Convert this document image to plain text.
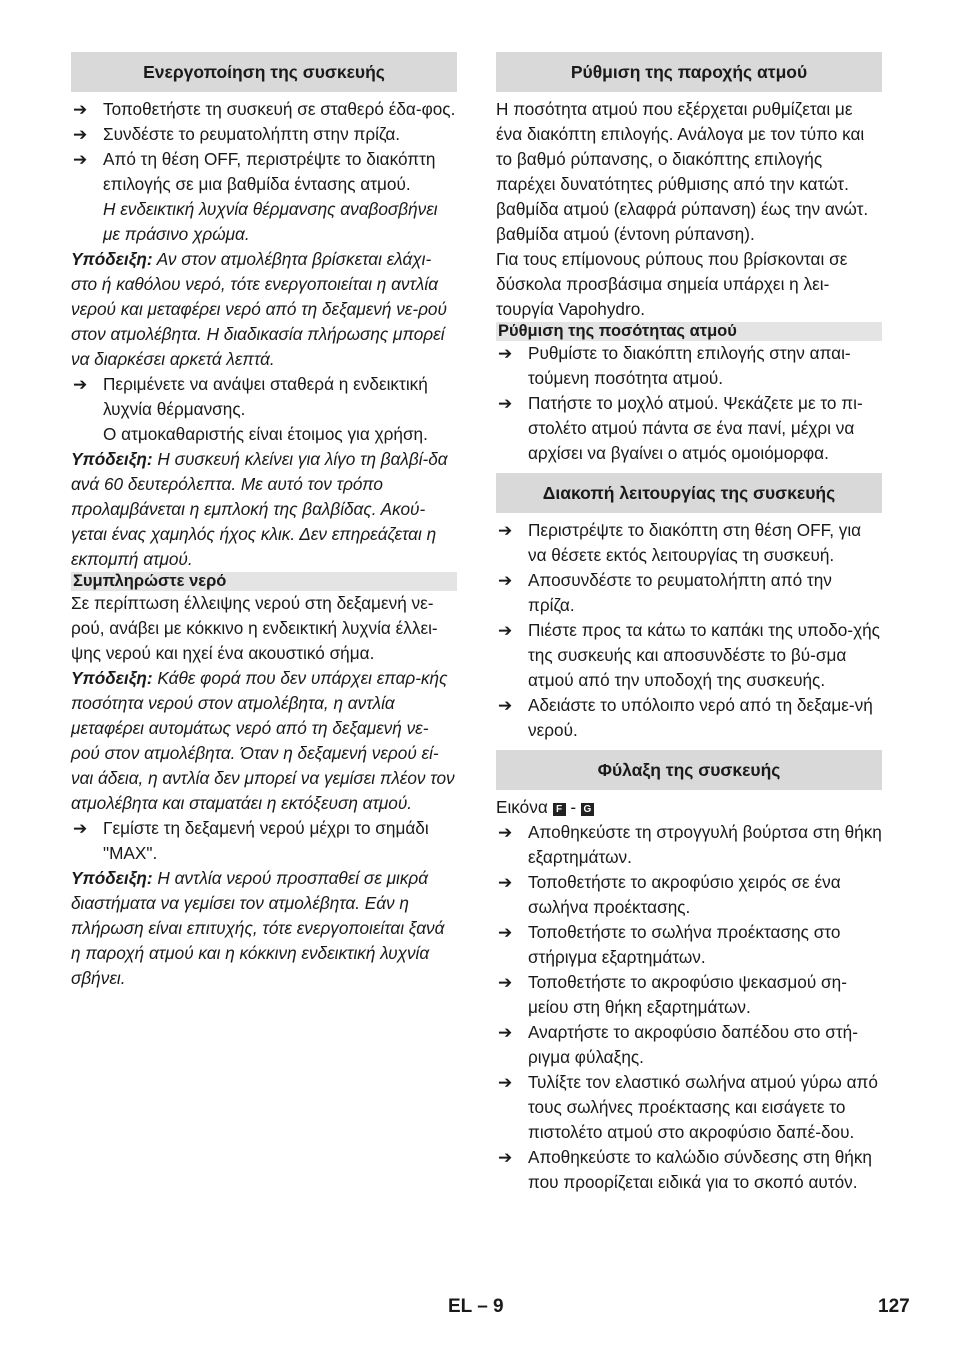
Ενεργοποίηση της συσκευής
➔ Τοποθετήστε τη συσκευή σε σταθερό έδα-φος.
➔ Συνδέστε το ρευματολήπτη στην πρίζα.
➔ Από τη θέση OFF, περιστρέψτε το διακόπτη επιλογής σε μια βαθμίδα έντασης ατμού.
Η ενδεικτική λυχνία θέρμανσης αναβοσβήνει με πράσινο χρώμα.
Υπόδειξη: Αν στον ατμολέβητα βρίσκεται ελάχι-στο ή καθόλου νερό, τότε ενεργοποιείται η αντλία νερού και μεταφέρει νερό από τη δεξαμενή νε-ρού στον ατμολέβητα. Η διαδικασία πλήρωσης μπορεί να διαρκέσει αρκετά λεπτά.
➔ Περιμένετε να ανάψει σταθερά η ενδεικτική λυχνία θέρμανσης.
Ο ατμοκαθαριστής είναι έτοιμος για χρήση.
Υπόδειξη: Η συσκευή κλείνει για λίγο τη βαλβί-δα ανά 60 δευτερόλεπτα. Με αυτό τον τρόπο προλαμβάνεται η εμπλοκή της βαλβίδας. Ακού-γεται ένας χαμηλός ήχος κλικ. Δεν επηρεάζεται η εκπομπή ατμού.
Συμπληρώστε νερό
Σε περίπτωση έλλειψης νερού στη δεξαμενή νε-ρού, ανάβει με κόκκινο η ενδεικτική λυχνία έλλει-ψης νερού και ηχεί ένα ακουστικό σήμα.
Υπόδειξη: Κάθε φορά που δεν υπάρχει επαρ-κής ποσότητα νερού στον ατμολέβητα, η αντλία μεταφέρει αυτομάτως νερό από τη δεξαμενή νε-ρού στον ατμολέβητα. Όταν η δεξαμενή νερού εί-ναι άδεια, η αντλία δεν μπορεί να γεμίσει πλέον τον ατμολέβητα και σταματάει η εκτόξευση ατμού.
➔ Γεμίστε τη δεξαμενή νερού μέχρι το σημάδι "MAX".
Υπόδειξη: Η αντλία νερού προσπαθεί σε μικρά διαστήματα να γεμίσει τον ατμολέβητα. Εάν η πλήρωση είναι επιτυχής, τότε ενεργοποιείται ξανά η παροχή ατμού και η κόκκινη ενδεικτική λυχνία σβήνει.
Ρύθμιση της παροχής ατμού
Η ποσότητα ατμού που εξέρχεται ρυθμίζεται με ένα διακόπτη επιλογής. Ανάλογα με τον τύπο και το βαθμό ρύπανσης, ο διακόπτης επιλογής παρέχει δυνατότητες ρύθμισης από την κατώτ. βαθμίδα ατμού (ελαφρά ρύπανση) έως την ανώτ. βαθμίδα ατμού (έντονη ρύπανση).
Για τους επίμονους ρύπους που βρίσκονται σε δύσκολα προσβάσιμα σημεία υπάρχει η λει-τουργία Vapohydro.
Ρύθμιση της ποσότητας ατμού
➔ Ρυθμίστε το διακόπτη επιλογής στην απαι-τούμενη ποσότητα ατμού.
➔ Πατήστε το μοχλό ατμού. Ψεκάζετε με το πι-στολέτο ατμού πάντα σε ένα πανί, μέχρι να αρχίσει να βγαίνει ο ατμός ομοιόμορφα.
Διακοπή λειτουργίας της συσκευής
➔ Περιστρέψτε το διακόπτη στη θέση OFF, για να θέσετε εκτός λειτουργίας τη συσκευή.
➔ Αποσυνδέστε το ρευματολήπτη από την πρίζα.
➔ Πιέστε προς τα κάτω το καπάκι της υποδο-χής της συσκευής και αποσυνδέστε το βύ-σμα ατμού από την υποδοχή της συσκευής.
➔ Αδειάστε το υπόλοιπο νερό από τη δεξαμε-νή νερού.
Φύλαξη της συσκευής
Εικόνα F - G
➔ Αποθηκεύστε τη στρογγυλή βούρτσα στη θήκη εξαρτημάτων.
➔ Τοποθετήστε το ακροφύσιο χειρός σε ένα σωλήνα προέκτασης.
➔ Τοποθετήστε το σωλήνα προέκτασης στο στήριγμα εξαρτημάτων.
➔ Τοποθετήστε το ακροφύσιο ψεκασμού ση-μείου στη θήκη εξαρτημάτων.
➔ Αναρτήστε το ακροφύσιο δαπέδου στο στή-ριγμα φύλαξης.
➔ Τυλίξτε τον ελαστικό σωλήνα ατμού γύρω από τους σωλήνες προέκτασης και εισάγετε το πιστολέτο ατμού στο ακροφύσιο δαπέ-δου.
➔ Αποθηκεύστε το καλώδιο σύνδεσης στη θήκη που προορίζεται ειδικά για το σκοπό αυτόν.
EL – 9	127
